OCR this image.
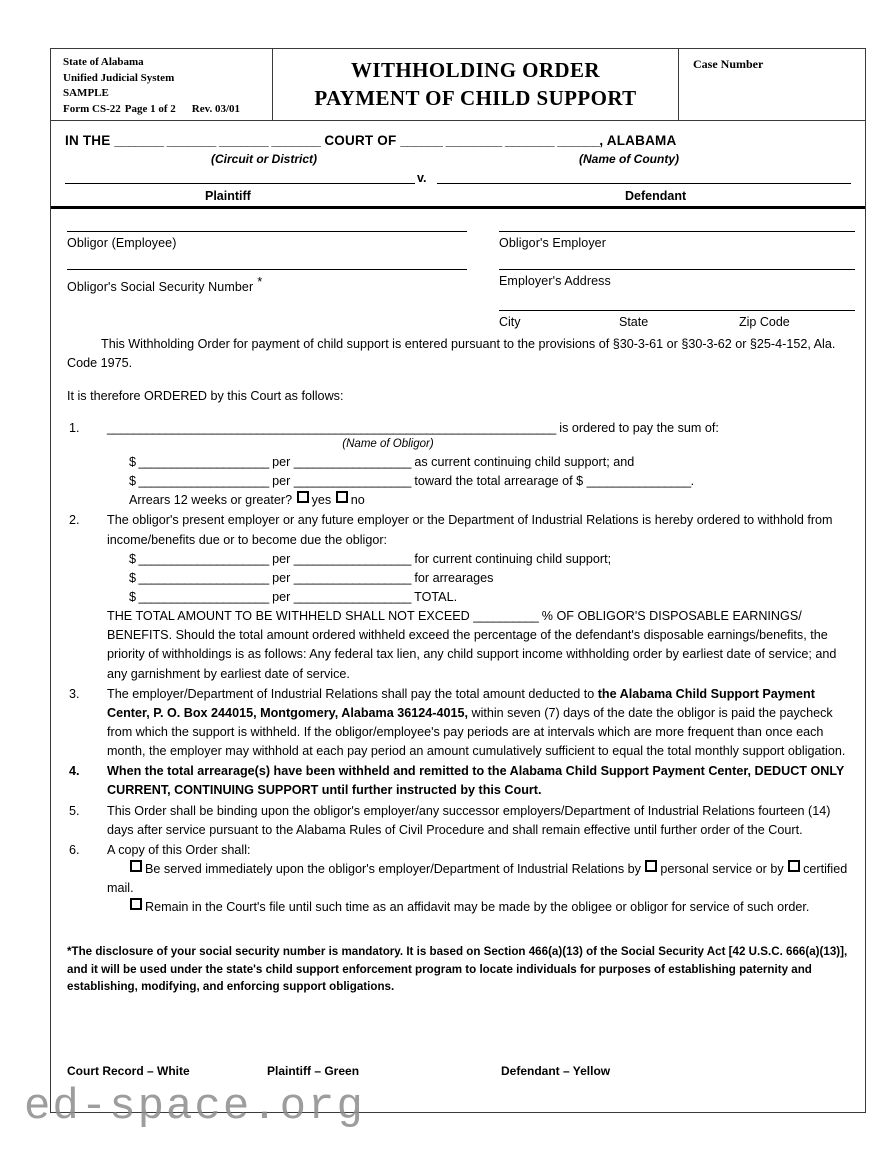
State of Alabama
Unified Judicial System
SAMPLE
Form CS-22 Page 1 of 2 Rev. 03/01
WITHHOLDING ORDER
PAYMENT OF CHILD SUPPORT
Case Number
IN THE _______ _______ _______ _______ COURT OF ______ ________ _______ ______, ALABAMA
(Circuit or District)	(Name of County)
v.
Plaintiff	Defendant
Obligor (Employee)
Obligor's Social Security Number *
Obligor's Employer
Employer's Address
City	State	Zip Code

This Withholding Order for payment of child support is entered pursuant to the provisions of §30-3-61 or §30-3-62 or §25-4-152, Ala. Code 1975.

It is therefore ORDERED by this Court as follows:

1.	_____________________________________________________________________ is ordered to pay the sum of:
(Name of Obligor)
$ ____________________ per __________________ as current continuing child support; and
$ ____________________ per __________________ toward the total arrearage of $ ________________.
Arrears 12 weeks or greater? yes no
2.	The obligor's present employer or any future employer or the Department of Industrial Relations is hereby ordered to withhold from income/benefits due or to become due the obligor:
$ ____________________ per __________________ for current continuing child support;
$ ____________________ per __________________ for arrearages
$ ____________________ per __________________ TOTAL.
THE TOTAL AMOUNT TO BE WITHHELD SHALL NOT EXCEED __________ % OF OBLIGOR'S DISPOSABLE EARNINGS/ BENEFITS. Should the total amount ordered withheld exceed the percentage of the defendant's disposable earnings/benefits, the priority of withholdings is as follows: Any federal tax lien, any child support income withholding order by earliest date of service; and any garnishment by earliest date of service.
3.	The employer/Department of Industrial Relations shall pay the total amount deducted to the Alabama Child Support Payment Center, P. O. Box 244015, Montgomery, Alabama 36124-4015, within seven (7) days of the date the obligor is paid the paycheck from which the support is withheld. If the obligor/employee's pay periods are at intervals which are more frequent than once each month, the employer may withhold at each pay period an amount cumulatively sufficient to equal the total monthly support obligation.
4.	When the total arrearage(s) have been withheld and remitted to the Alabama Child Support Payment Center, DEDUCT ONLY CURRENT, CONTINUING SUPPORT until further instructed by this Court.
5.	This Order shall be binding upon the obligor's employer/any successor employers/Department of Industrial Relations fourteen (14) days after service pursuant to the Alabama Rules of Civil Procedure and shall remain effective until further order of the Court.
6.	A copy of this Order shall:
Be served immediately upon the obligor's employer/Department of Industrial Relations by personal service or by certified mail.
Remain in the Court's file until such time as an affidavit may be made by the obligee or obligor for service of such order.
*The disclosure of your social security number is mandatory. It is based on Section 466(a)(13) of the Social Security Act [42 U.S.C. 666(a)(13)], and it will be used under the state's child support enforcement program to locate individuals for purposes of establishing paternity and establishing, modifying, and enforcing support obligations.
Court Record – White	Plaintiff – Green	Defendant – Yellow
ed-space.org
